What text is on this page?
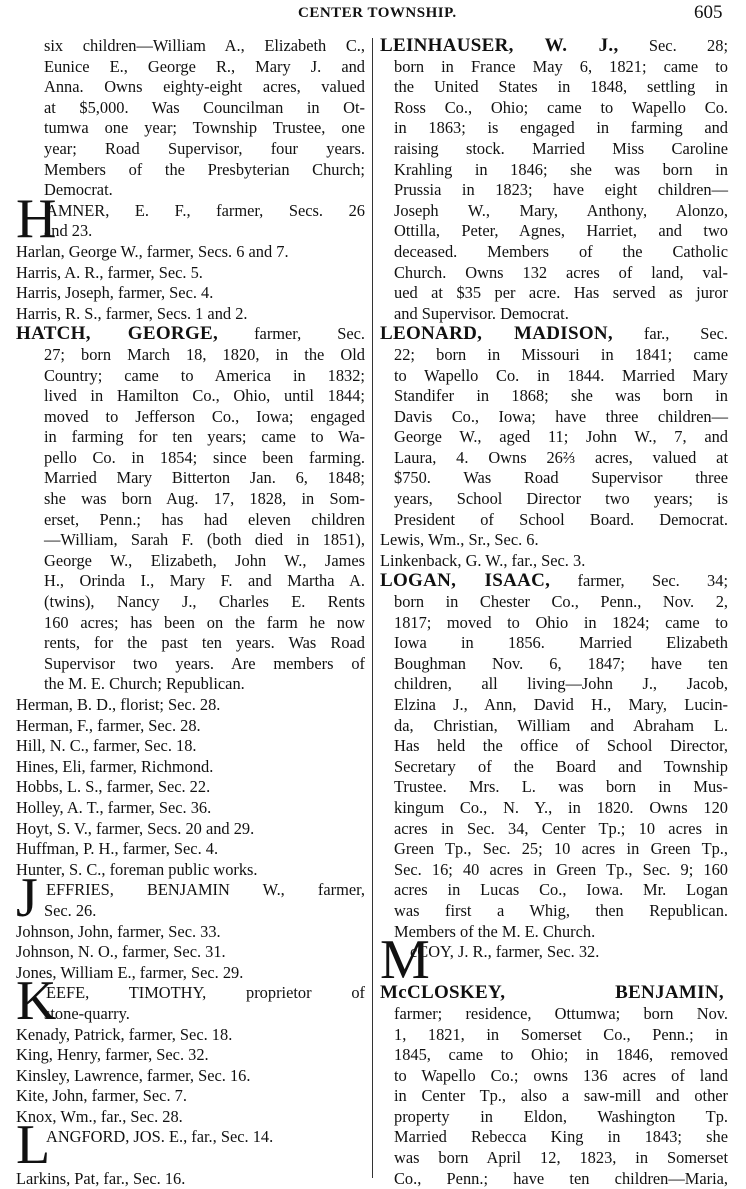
CENTER TOWNSHIP.	605
six children—William A., Elizabeth C.,
Eunice E., George R., Mary J. and
Anna. Owns eighty-eight acres, valued
at $5,000. Was Councilman in Ot-
tumwa one year; Township Trustee, one
year; Road Supervisor, four years.
Members of the Presbyterian Church;
Democrat.
H
AMNER, E. F., farmer, Secs. 26
and 23.
Harlan, George W., farmer, Secs. 6 and 7.
Harris, A. R., farmer, Sec. 5.
Harris, Joseph, farmer, Sec. 4.
Harris, R. S., farmer, Secs. 1 and 2.
HATCH, GEORGE, farmer, Sec.
27; born March 18, 1820, in the Old
Country; came to America in 1832;
lived in Hamilton Co., Ohio, until 1844;
moved to Jefferson Co., Iowa; engaged
in farming for ten years; came to Wa-
pello Co. in 1854; since been farming.
Married Mary Bitterton Jan. 6, 1848;
she was born Aug. 17, 1828, in Som-
erset, Penn.; has had eleven children
—William, Sarah F. (both died in 1851),
George W., Elizabeth, John W., James
H., Orinda I., Mary F. and Martha A.
(twins), Nancy J., Charles E. Rents
160 acres; has been on the farm he now
rents, for the past ten years. Was Road
Supervisor two years. Are members of
the M. E. Church; Republican.
Herman, B. D., florist; Sec. 28.
Herman, F., farmer, Sec. 28.
Hill, N. C., farmer, Sec. 18.
Hines, Eli, farmer, Richmond.
Hobbs, L. S., farmer, Sec. 22.
Holley, A. T., farmer, Sec. 36.
Hoyt, S. V., farmer, Secs. 20 and 29.
Huffman, P. H., farmer, Sec. 4.
Hunter, S. C., foreman public works.
J EFFRIES, BENJAMIN W., farmer,
Sec. 26.
Johnson, John, farmer, Sec. 33.
Johnson, N. O., farmer, Sec. 31.
Jones, William E., farmer, Sec. 29.
K
EEFE, TIMOTHY, proprietor of
stone-quarry.
Kenady, Patrick, farmer, Sec. 18.
King, Henry, farmer, Sec. 32.
Kinsley, Lawrence, farmer, Sec. 16.
Kite, John, farmer, Sec. 7.
Knox, Wm., far., Sec. 28.
L
ANGFORD, JOS. E., far., Sec. 14.

Larkins, Pat, far., Sec. 16.
LEINHAUSER, W. J., Sec. 28;
born in France May 6, 1821; came to
the United States in 1848, settling in
Ross Co., Ohio; came to Wapello Co.
in 1863; is engaged in farming and
raising stock. Married Miss Caroline
Krahling in 1846; she was born in
Prussia in 1823; have eight children—
Joseph W., Mary, Anthony, Alonzo,
Ottilla, Peter, Agnes, Harriet, and two
deceased. Members of the Catholic
Church. Owns 132 acres of land, val-
ued at $35 per acre. Has served as juror
and Supervisor. Democrat.
LEONARD, MADISON, far., Sec.
22; born in Missouri in 1841; came
to Wapello Co. in 1844. Married Mary
Standifer in 1868; she was born in
Davis Co., Iowa; have three children—
George W., aged 11; John W., 7, and
Laura, 4. Owns 26⅔ acres, valued at
$750. Was Road Supervisor three
years, School Director two years; is
President of School Board. Democrat.
Lewis, Wm., Sr., Sec. 6.
Linkenback, G. W., far., Sec. 3.
LOGAN, ISAAC, farmer, Sec. 34;
born in Chester Co., Penn., Nov. 2,
1817; moved to Ohio in 1824; came to
Iowa in 1856. Married Elizabeth
Boughman Nov. 6, 1847; have ten
children, all living—John J., Jacob,
Elzina J., Ann, David H., Mary, Lucin-
da, Christian, William and Abraham L.
Has held the office of School Director,
Secretary of the Board and Township
Trustee. Mrs. L. was born in Mus-
kingum Co., N. Y., in 1820. Owns 120
acres in Sec. 34, Center Tp.; 10 acres in
Green Tp., Sec. 25; 10 acres in Green Tp.,
Sec. 16; 40 acres in Green Tp., Sec. 9; 160
acres in Lucas Co., Iowa. Mr. Logan
was first a Whig, then Republican.
Members of the M. E. Church.
M
cCOY, J. R., farmer, Sec. 32.

McCLOSKEY, BENJAMIN,
farmer; residence, Ottumwa; born Nov.
1, 1821, in Somerset Co., Penn.; in
1845, came to Ohio; in 1846, removed
to Wapello Co.; owns 136 acres of land
in Center Tp., also a saw-mill and other
property in Eldon, Washington Tp.
Married Rebecca King in 1843; she
was born April 12, 1823, in Somerset
Co., Penn.; have ten children—Maria,
